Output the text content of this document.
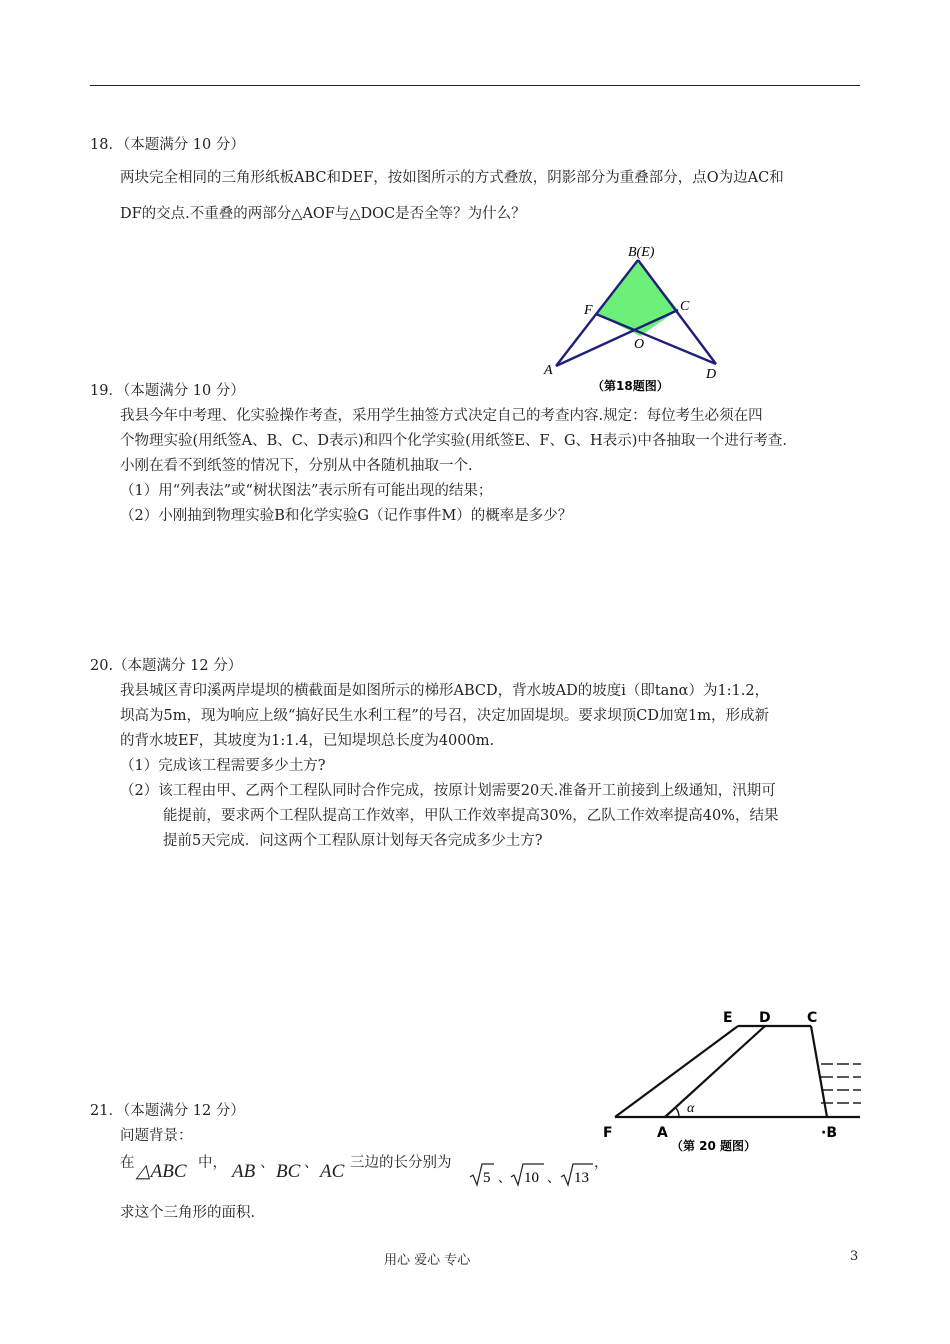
18．（本题满分 10 分）
两块完全相同的三角形纸板ABC和DEF，按如图所示的方式叠放，阴影部分为重叠部分，点O为边AC和
DF的交点.不重叠的两部分△AOF与△DOC是否全等？为什么？
B(E)
F	C
O
A	D
（第18题图）
19．（本题满分 10 分）
我县今年中考理、化实验操作考查，采用学生抽签方式决定自己的考查内容.规定：每位考生必须在四
个物理实验(用纸签A、B、C、D表示)和四个化学实验(用纸签E、F、G、H表示)中各抽取一个进行考查.
小刚在看不到纸签的情况下，分别从中各随机抽取一个.
（1）用“列表法”或“树状图法”表示所有可能出现的结果；
（2）小刚抽到物理实验B和化学实验G（记作事件M）的概率是多少？
20.（本题满分 12 分）
我县城区青印溪两岸堤坝的横截面是如图所示的梯形ABCD，背水坡AD的坡度i（即tanα）为1:1.2，
坝高为5m，现为响应上级“搞好民生水利工程”的号召，决定加固堤坝。要求坝顶CD加宽1m，形成新
的背水坡EF，其坡度为1:1.4，已知堤坝总长度为4000m.
（1）完成该工程需要多少土方?
（2）该工程由甲、乙两个工程队同时合作完成，按原计划需要20天.准备开工前接到上级通知，汛期可
能提前，要求两个工程队提高工作效率，甲队工作效率提高30%，乙队工作效率提高40%，结果
提前5天完成．问这两个工程队原计划每天各完成多少土方?
E D	C
F	A	·B
α
（第 20 题图）
21．（本题满分 12 分）
问题背景：
在 △ABC 中， AB 、 BC 、 AC 三边的长分别为
5 、 10 、 13
，
求这个三角形的面积.
用心 爱心 专心	3
